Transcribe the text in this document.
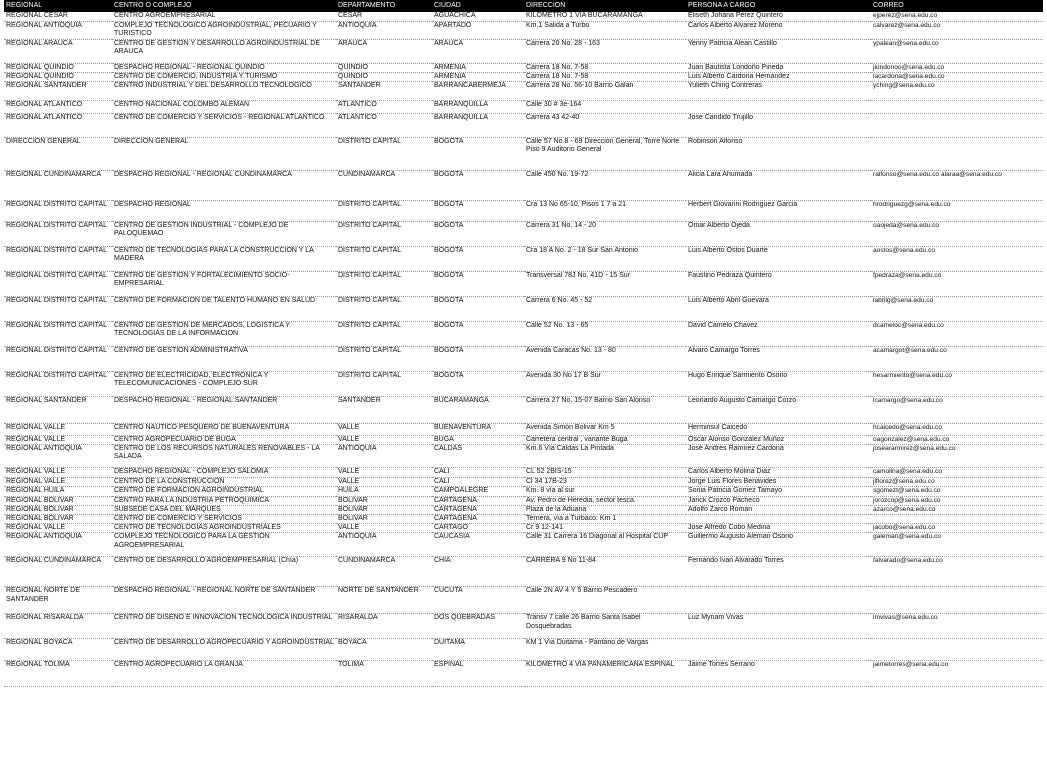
REGIONAL	CENTRO O COMPLEJO	DEPARTAMENTO	CIUDAD	DIRECCION	PERSONA A CARGO	CORREO
REGIONAL CESAR	CENTRO AGROEMPRESARIAL	CESAR	AGUACHICA	KILOMETRO 1 VÍA BUCARAMANGA	Eliseth Johana Pérez Quintero	ejperez@sena.edu.co
REGIONAL ANTIOQUIA	COMPLEJO TECNOLOGICO AGROINDUSTRIAL, PECUARIO Y TURISTICO	ANTIOQUIA	APARTADO	Km.1 Salida a Turbo	Carlos Alberto Alvarez Moreno	calvarez@sena.edu.co
REGIONAL ARAUCA	CENTRO DE GESTION Y DESARROLLO AGROINDUSTRIAL DE ARAUCA	ARAUCA	ARAUCA	Carrera 20 No. 28 - 163	Yenny Patricia Alean Castillo	ypalean@sena.edu.co
REGIONAL QUINDIO	DESPACHO REGIONAL - REGIONAL QUINDIO	QUINDIO	ARMENIA	Carrera 18 No. 7-58	Juan Bautista Londoño Pineda	jlondonoo@sena.edu.co
REGIONAL QUINDIO	CENTRO DE COMERCIO, INDUSTRIA Y TURISMO	QUINDIO	ARMENIA	Carrera 18 No. 7-58	Luis Alberto Cardona Hernández	lacardona@sena.edu.co
REGIONAL SANTANDER	CENTRO INDUSTRIAL Y DEL DESARROLLO TECNOLOGICO	SANTANDER	BARRANCABERMEJA	Carrera 28 No. 56-10 Barrio Galan	Yulieth Ching Contreras	yching@sena.edu.co
REGIONAL ATLANTICO	CENTRO NACIONAL COLOMBO ALEMAN	ATLANTICO	BARRANQUILLA	Calle 30 # 3e-164		
REGIONAL ATLANTICO	CENTRO DE COMERCIO Y SERVICIOS - REGIONAL ATLANTICO	ATLANTICO	BARRANQUILLA	Carrera 43 42-40	Jose Candido Trujillo	
DIRECCION GENERAL	DIRECCION GENERAL	DISTRITO CAPITAL	BOGOTA	Calle 57 No 8 - 69 Dirección General, Torre Norte Piso 9 Auditorio General	Robinson Alfonso	
REGIONAL CUNDINAMARCA	DESPACHO REGIONAL - REGIONAL CUNDINAMARCA	CUNDINAMARCA	BOGOTA	Calle 450 No. 19-72	Alicia Lara Ahumada	ralfonso@sena.edu.co alaraa@sena.edu.co
REGIONAL DISTRITO CAPITAL	DESPACHO REGIONAL	DISTRITO CAPITAL	BOGOTA	Cra 13 No 65-10, Pisos 1 7 a 21	Herbert Giovanni Rodriguez Garcia	hrodriguezg@sena.edu.co
REGIONAL DISTRITO CAPITAL	CENTRO DE GESTION INDUSTRIAL - COMPLEJO DE PALOQUEMAO	DISTRITO CAPITAL	BOGOTA	Carrera 31 No. 14 - 20	Omar Alberto Ojeda	oaojeda@sena.edu.co
REGIONAL DISTRITO CAPITAL	CENTRO DE TECNOLOGIAS PARA LA CONSTRUCCION Y LA MADERA	DISTRITO CAPITAL	BOGOTA	Cra 18 A No. 2 - 18 Sur San Antonio	Luis Alberto Ostos Duarte	aostos@sena.edu.co
REGIONAL DISTRITO CAPITAL	CENTRO DE GESTION Y FORTALECIMIENTO SOCIO-EMPRESARIAL	DISTRITO CAPITAL	BOGOTA	Transversal 78J No. 41D - 15 Sur	Faustino Pedraza Quintero	fpedraza@sena.edu.co
REGIONAL DISTRITO CAPITAL	CENTRO DE FORMACION DE TALENTO HUMANO EN SALUD	DISTRITO CAPITAL	BOGOTA	Carrera 6 No. 45 - 52	Luis Alberto Abril Guevara	labrilg@sena.edu.co
REGIONAL DISTRITO CAPITAL	CENTRO DE GESTION DE MERCADOS, LOGISTICA Y TECNOLOGIAS DE LA INFORMACION	DISTRITO CAPITAL	BOGOTA	Calle 52 No. 13 - 65	David Camelo Chavez	dcameloc@sena.edu.co
REGIONAL DISTRITO CAPITAL	CENTRO DE GESTION ADMINISTRATIVA	DISTRITO CAPITAL	BOGOTA	Avenida Caracas No. 13 - 80	Alvaro Camargo Torres	acamargot@sena.edu.co
REGIONAL DISTRITO CAPITAL	CENTRO DE ELECTRICIDAD, ELECTRONICA Y TELECOMUNICACIONES - COMPLEJO SUR	DISTRITO CAPITAL	BOGOTA	Avenida 30 No 17 B Sur	Hugo Enrique Sarmiento Osorio	hesarmiento@sena.edu.co
REGIONAL SANTANDER	DESPACHO REGIONAL - REGIONAL SANTANDER	SANTANDER	BUCARAMANGA	Carrera 27 No. 15-07 Barrio San Alonso	Leonardo Augusto Camargo Corzo	lcamargo@sena.edu.co
REGIONAL VALLE	CENTRO NAUTICO PESQUERO DE BUENAVENTURA	VALLE	BUENAVENTURA	Avenida Simón Bolivar Km 5	Herminsul Caicedo	hcaicedo@sena.edu.co
REGIONAL VALLE	CENTRO AGROPECUARIO DE BUGA	VALLE	BUGA	Carretera central , variante Buga	Oscar Alonso Gonzalez Muñoz	oagonzalez@sena.edu.co
REGIONAL ANTIOQUIA	CENTRO DE LOS RECURSOS NATURALES RENOVABLES - LA SALADA	ANTIOQUIA	CALDAS	Km.6 Vía Caldas La Pintada	José Andrés Ramírez Cardona	joseararmirez@sena.edu.co
REGIONAL VALLE	DESPACHO REGIONAL - COMPLEJO SALOMIA	VALLE	CALI	CL 52 2BIS-15	Carlos Alberto Molina Diaz	camolina@sena.edu.co
REGIONAL VALLE	CENTRO DE LA CONSTRUCCION	VALLE	CALI	Cl 34 17B-23	Jorge Luis Flores Benavides	jlflorez@sena.edu.co
REGIONAL HUILA	CENTRO DE FORMACION AGROINDUSTRIAL	HUILA	CAMPOALEGRE	Km. 8 vía al sur	Sonia Patricia Gomez Tamayo	sgomezt@sena.edu.co
REGIONAL BOLIVAR	CENTRO PARA LA INDUSTRIA PETROQUIMICA	BOLIVAR	CARTAGENA	Av. Pedro de Heredia, sector tesca.	Janck Crozco Pacheco	jorozcop@sena.edu.co
REGIONAL BOLIVAR	SUBSEDE CASA DEL MARQUES	BOLIVAR	CARTAGENA	Plaza de la Aduana	Adolfo Zarco Roman	azarco@sena.edu.co
REGIONAL BOLIVAR	CENTRO DE COMERCIO Y SERVICIOS	BOLIVAR	CARTAGENA	Ternera, vía a Turbaco: Km 1		
REGIONAL VALLE	CENTRO DE TECNOLOGIAS AGROINDUSTRIALES	VALLE	CARTAGO	Cr 9 12-141	Jose Alfredo Cobo Medina	jacobo@sena.edu.co
REGIONAL ANTIOQUIA	COMPLEJO TECNOLOGICO PARA LA GESTION AGROEMPRESARIAL	ANTIOQUIA	CAUCASIA	Calle 31 Carrera 16 Diagonal al Hospital CUP	Guillermo Augusto Aleman Osorio	galeman@sena.edu.co
REGIONAL CUNDINAMARCA	CENTRO DE DESARROLLO AGROEMPRESARIAL (Chía)	CUNDINAMARCA	CHIA	CARRERA 9 No 11-84	Fernando Ivan Alvarado Torres	falvarado@sena.edu.co
REGIONAL NORTE DE SANTANDER	DESPACHO REGIONAL - REGIONAL NORTE DE SANTANDER	NORTE DE SANTANDER	CUCUTA	Calle 2N AV 4 Y 5 Barrio Pescadero		
REGIONAL RISARALDA	CENTRO DE DISEÑO E INNOVACION TECNOLOGICA INDUSTRIAL	RISARALDA	DOS QUEBRADAS	Transv 7 calle 26 Barrio Santa Isabel Dosquebradas	Luz Myriam Vivas	lmvivas@sena.edu.co
REGIONAL BOYACA	CENTRO DE DESARROLLO AGROPECUARIO Y AGROINDUSTRIAL	BOYACA	DUITAMA	KM 1 Vía Duitama - Pantano de Vargas		
REGIONAL TOLIMA	CENTRO AGROPECUARIO LA GRANJA	TOLIMA	ESPINAL	KILOMETRO 4 VIA PANAMERICANA ESPINAL	Jaime Torres Serrano	jaimetorres@sena.edu.co
